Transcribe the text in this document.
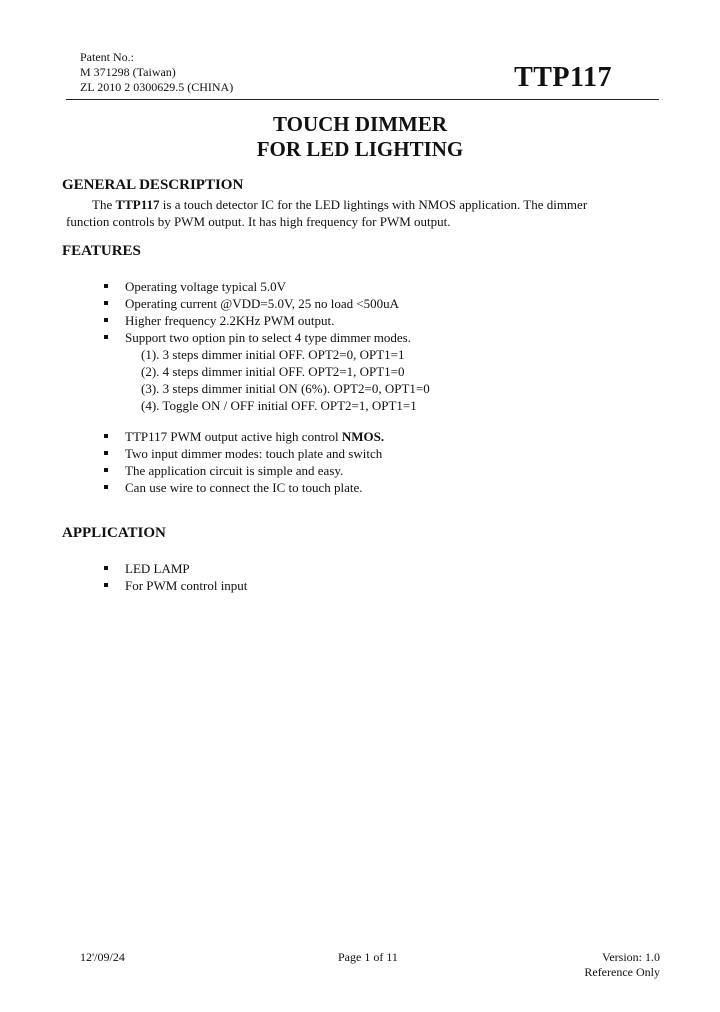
Patent No.:
M 371298 (Taiwan)
ZL 2010 2 0300629.5 (CHINA)	TTP117
TOUCH DIMMER
FOR LED LIGHTING
GENERAL DESCRIPTION

The TTP117 is a touch detector IC for the LED lightings with NMOS application. The dimmer

function controls by PWM output. It has high frequency for PWM output.

FEATURES
Operating voltage typical 5.0V
Operating current @VDD=5.0V, 25 no load <500uA
Higher frequency 2.2KHz PWM output.
Support two option pin to select 4 type dimmer modes.
(1). 3 steps dimmer initial OFF. OPT2=0, OPT1=1
(2). 4 steps dimmer initial OFF. OPT2=1, OPT1=0
(3). 3 steps dimmer initial ON (6%). OPT2=0, OPT1=0
(4). Toggle ON / OFF initial OFF. OPT2=1, OPT1=1
TTP117 PWM output active high control NMOS.
Two input dimmer modes: touch plate and switch
The application circuit is simple and easy.
Can use wire to connect the IC to touch plate.
APPLICATION
LED LAMP
For PWM control input
12'/09/24	Page 1 of 11	Version: 1.0
Reference Only
